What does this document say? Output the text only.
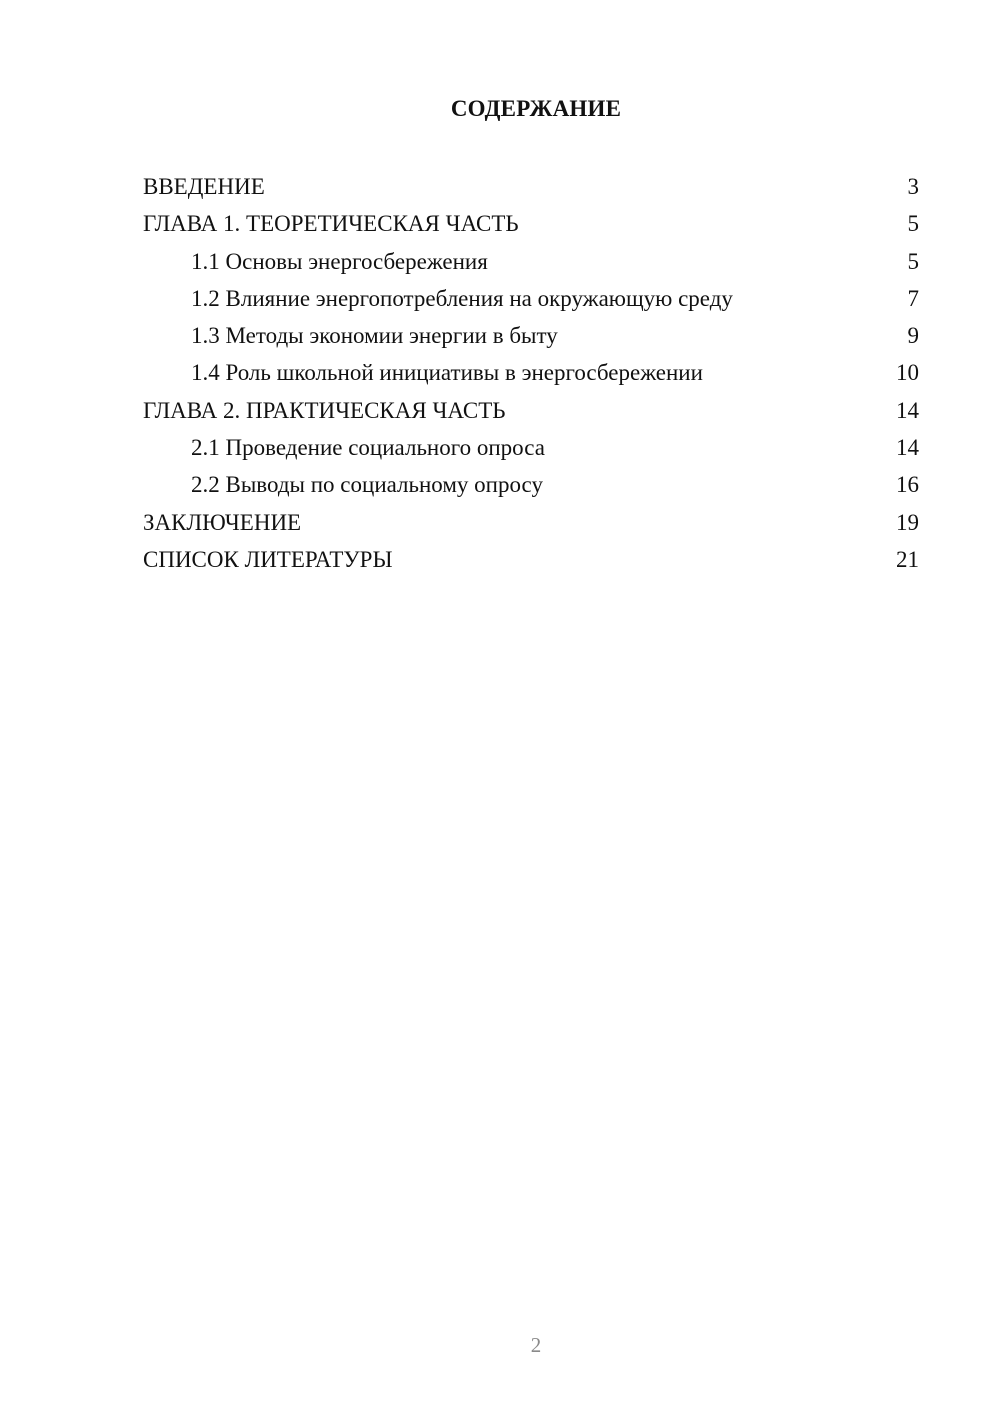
СОДЕРЖАНИЕ
ВВЕДЕНИЕ	3
ГЛАВА 1. ТЕОРЕТИЧЕСКАЯ ЧАСТЬ	5
1.1 Основы энергосбережения	5
1.2 Влияние энергопотребления на окружающую среду	7
1.3 Методы экономии энергии в быту	9
1.4 Роль школьной инициативы в энергосбережении	10
ГЛАВА 2. ПРАКТИЧЕСКАЯ ЧАСТЬ	14
2.1 Проведение социального опроса	14
2.2 Выводы по социальному опросу	16
ЗАКЛЮЧЕНИЕ	19
СПИСОК ЛИТЕРАТУРЫ	21
2
